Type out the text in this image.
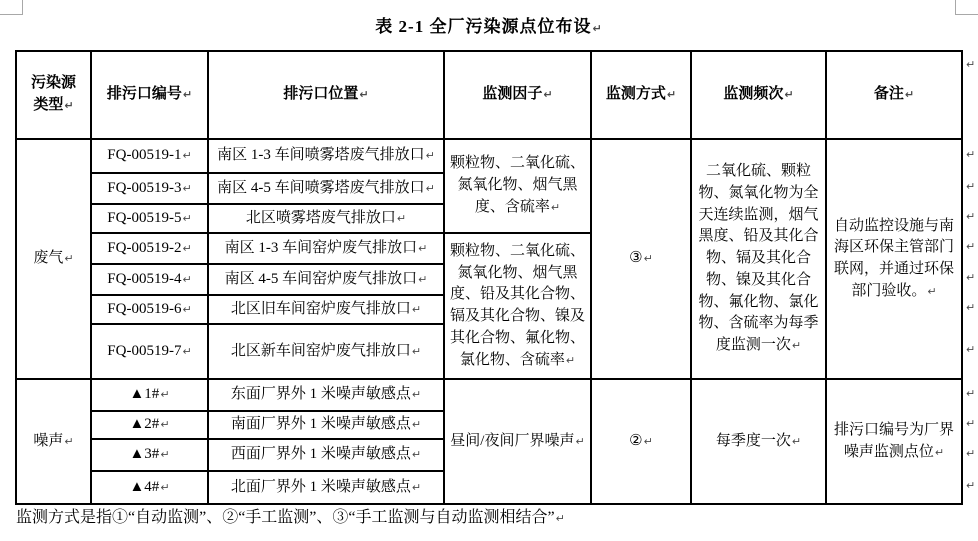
表 2-1 全厂污染源点位布设↵
污染源
类型↵	排污口编号↵	排污口位置↵	监测因子↵	监测方式↵	监测频次↵	备注↵
废气↵	FQ-00519-1↵	南区 1-3 车间喷雾塔废气排放口↵	颗粒物、二氧化硫、氮氧化物、烟气黑度、含硫率↵	③↵	二氧化硫、颗粒物、氮氧化物为全天连续监测，烟气黑度、铅及其化合物、镉及其化合物、镍及其化合物、氟化物、氯化物、含硫率为每季度监测一次↵	自动监控设施与南海区环保主管部门联网，并通过环保部门验收。↵
	FQ-00519-3↵	南区 4-5 车间喷雾塔废气排放口↵				
	FQ-00519-5↵	北区喷雾塔废气排放口↵				
	FQ-00519-2↵	南区 1-3 车间窑炉废气排放口↵	颗粒物、二氧化硫、氮氧化物、烟气黑度、铅及其化合物、镉及其化合物、镍及其化合物、氟化物、氯化物、含硫率↵			
	FQ-00519-4↵	南区 4-5 车间窑炉废气排放口↵				
	FQ-00519-6↵	北区旧车间窑炉废气排放口↵				
	FQ-00519-7↵	北区新车间窑炉废气排放口↵				
噪声↵	▲1#↵	东面厂界外 1 米噪声敏感点↵	昼间/夜间厂界噪声↵	②↵	每季度一次↵	排污口编号为厂界噪声监测点位↵
	▲2#↵	南面厂界外 1 米噪声敏感点↵				
	▲3#↵	西面厂界外 1 米噪声敏感点↵				
	▲4#↵	北面厂界外 1 米噪声敏感点↵				
↵
↵
↵
↵
↵
↵
↵
↵
↵
↵
↵
↵
监测方式是指①“自动监测”、②“手工监测”、③“手工监测与自动监测相结合”↵
